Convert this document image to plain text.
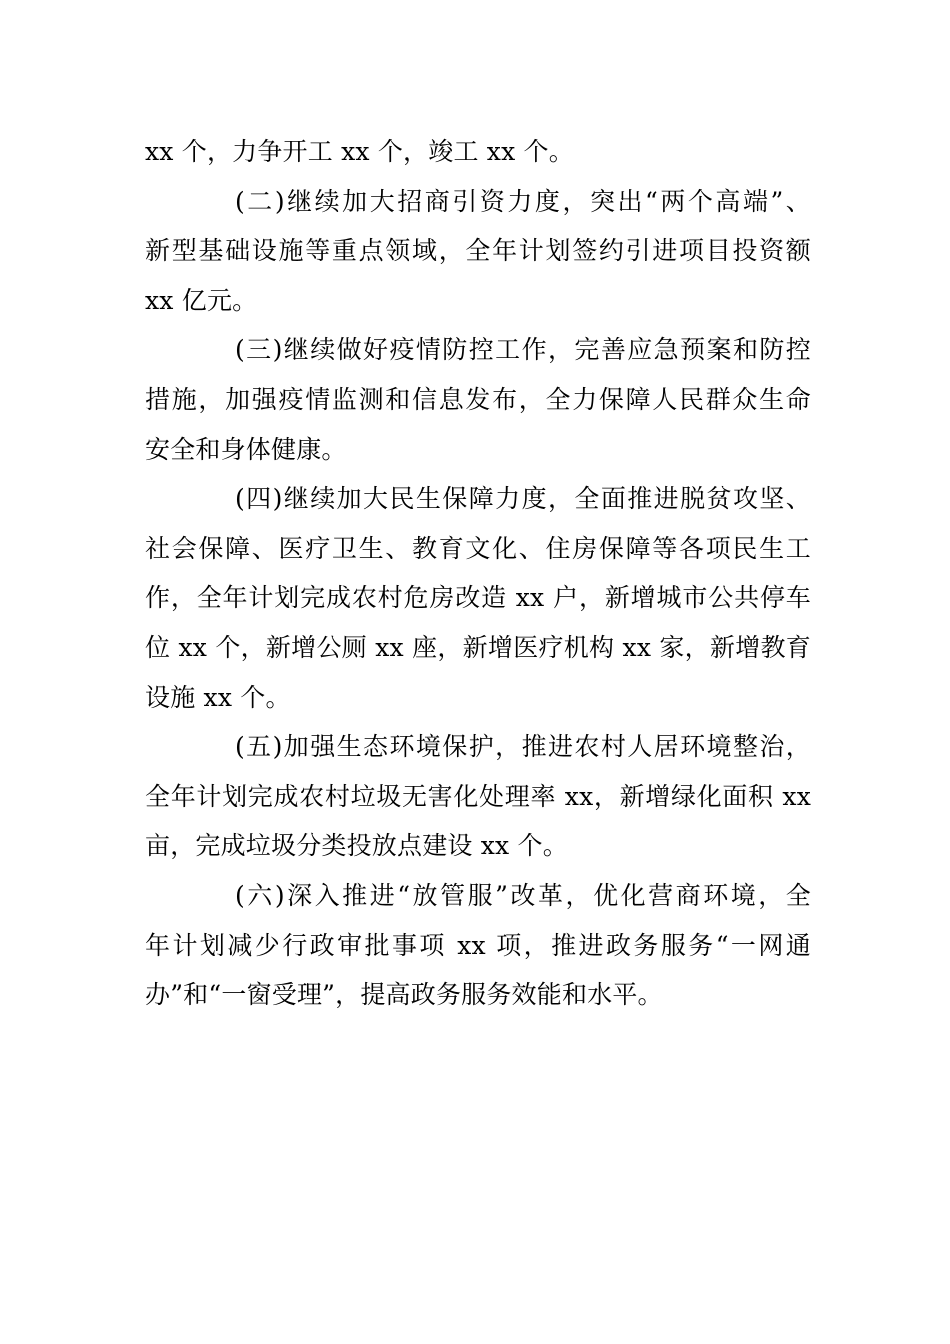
xx 个，力争开工 xx 个，竣工 xx 个。
(二)继续加大招商引资力度，突出“两个高端”、
新型基础设施等重点领域，全年计划签约引进项目投资额
xx 亿元。
(三)继续做好疫情防控工作，完善应急预案和防控
措施，加强疫情监测和信息发布，全力保障人民群众生命
安全和身体健康。
(四)继续加大民生保障力度，全面推进脱贫攻坚、
社会保障、医疗卫生、教育文化、住房保障等各项民生工
作，全年计划完成农村危房改造 xx 户，新增城市公共停车
位 xx 个，新增公厕 xx 座，新增医疗机构 xx 家，新增教育
设施 xx 个。
(五)加强生态环境保护，推进农村人居环境整治，
全年计划完成农村垃圾无害化处理率 xx，新增绿化面积 xx
亩，完成垃圾分类投放点建设 xx 个。
(六)深入推进“放管服”改革，优化营商环境，全
年计划减少行政审批事项 xx 项，推进政务服务“一网通
办”和“一窗受理”，提高政务服务效能和水平。
